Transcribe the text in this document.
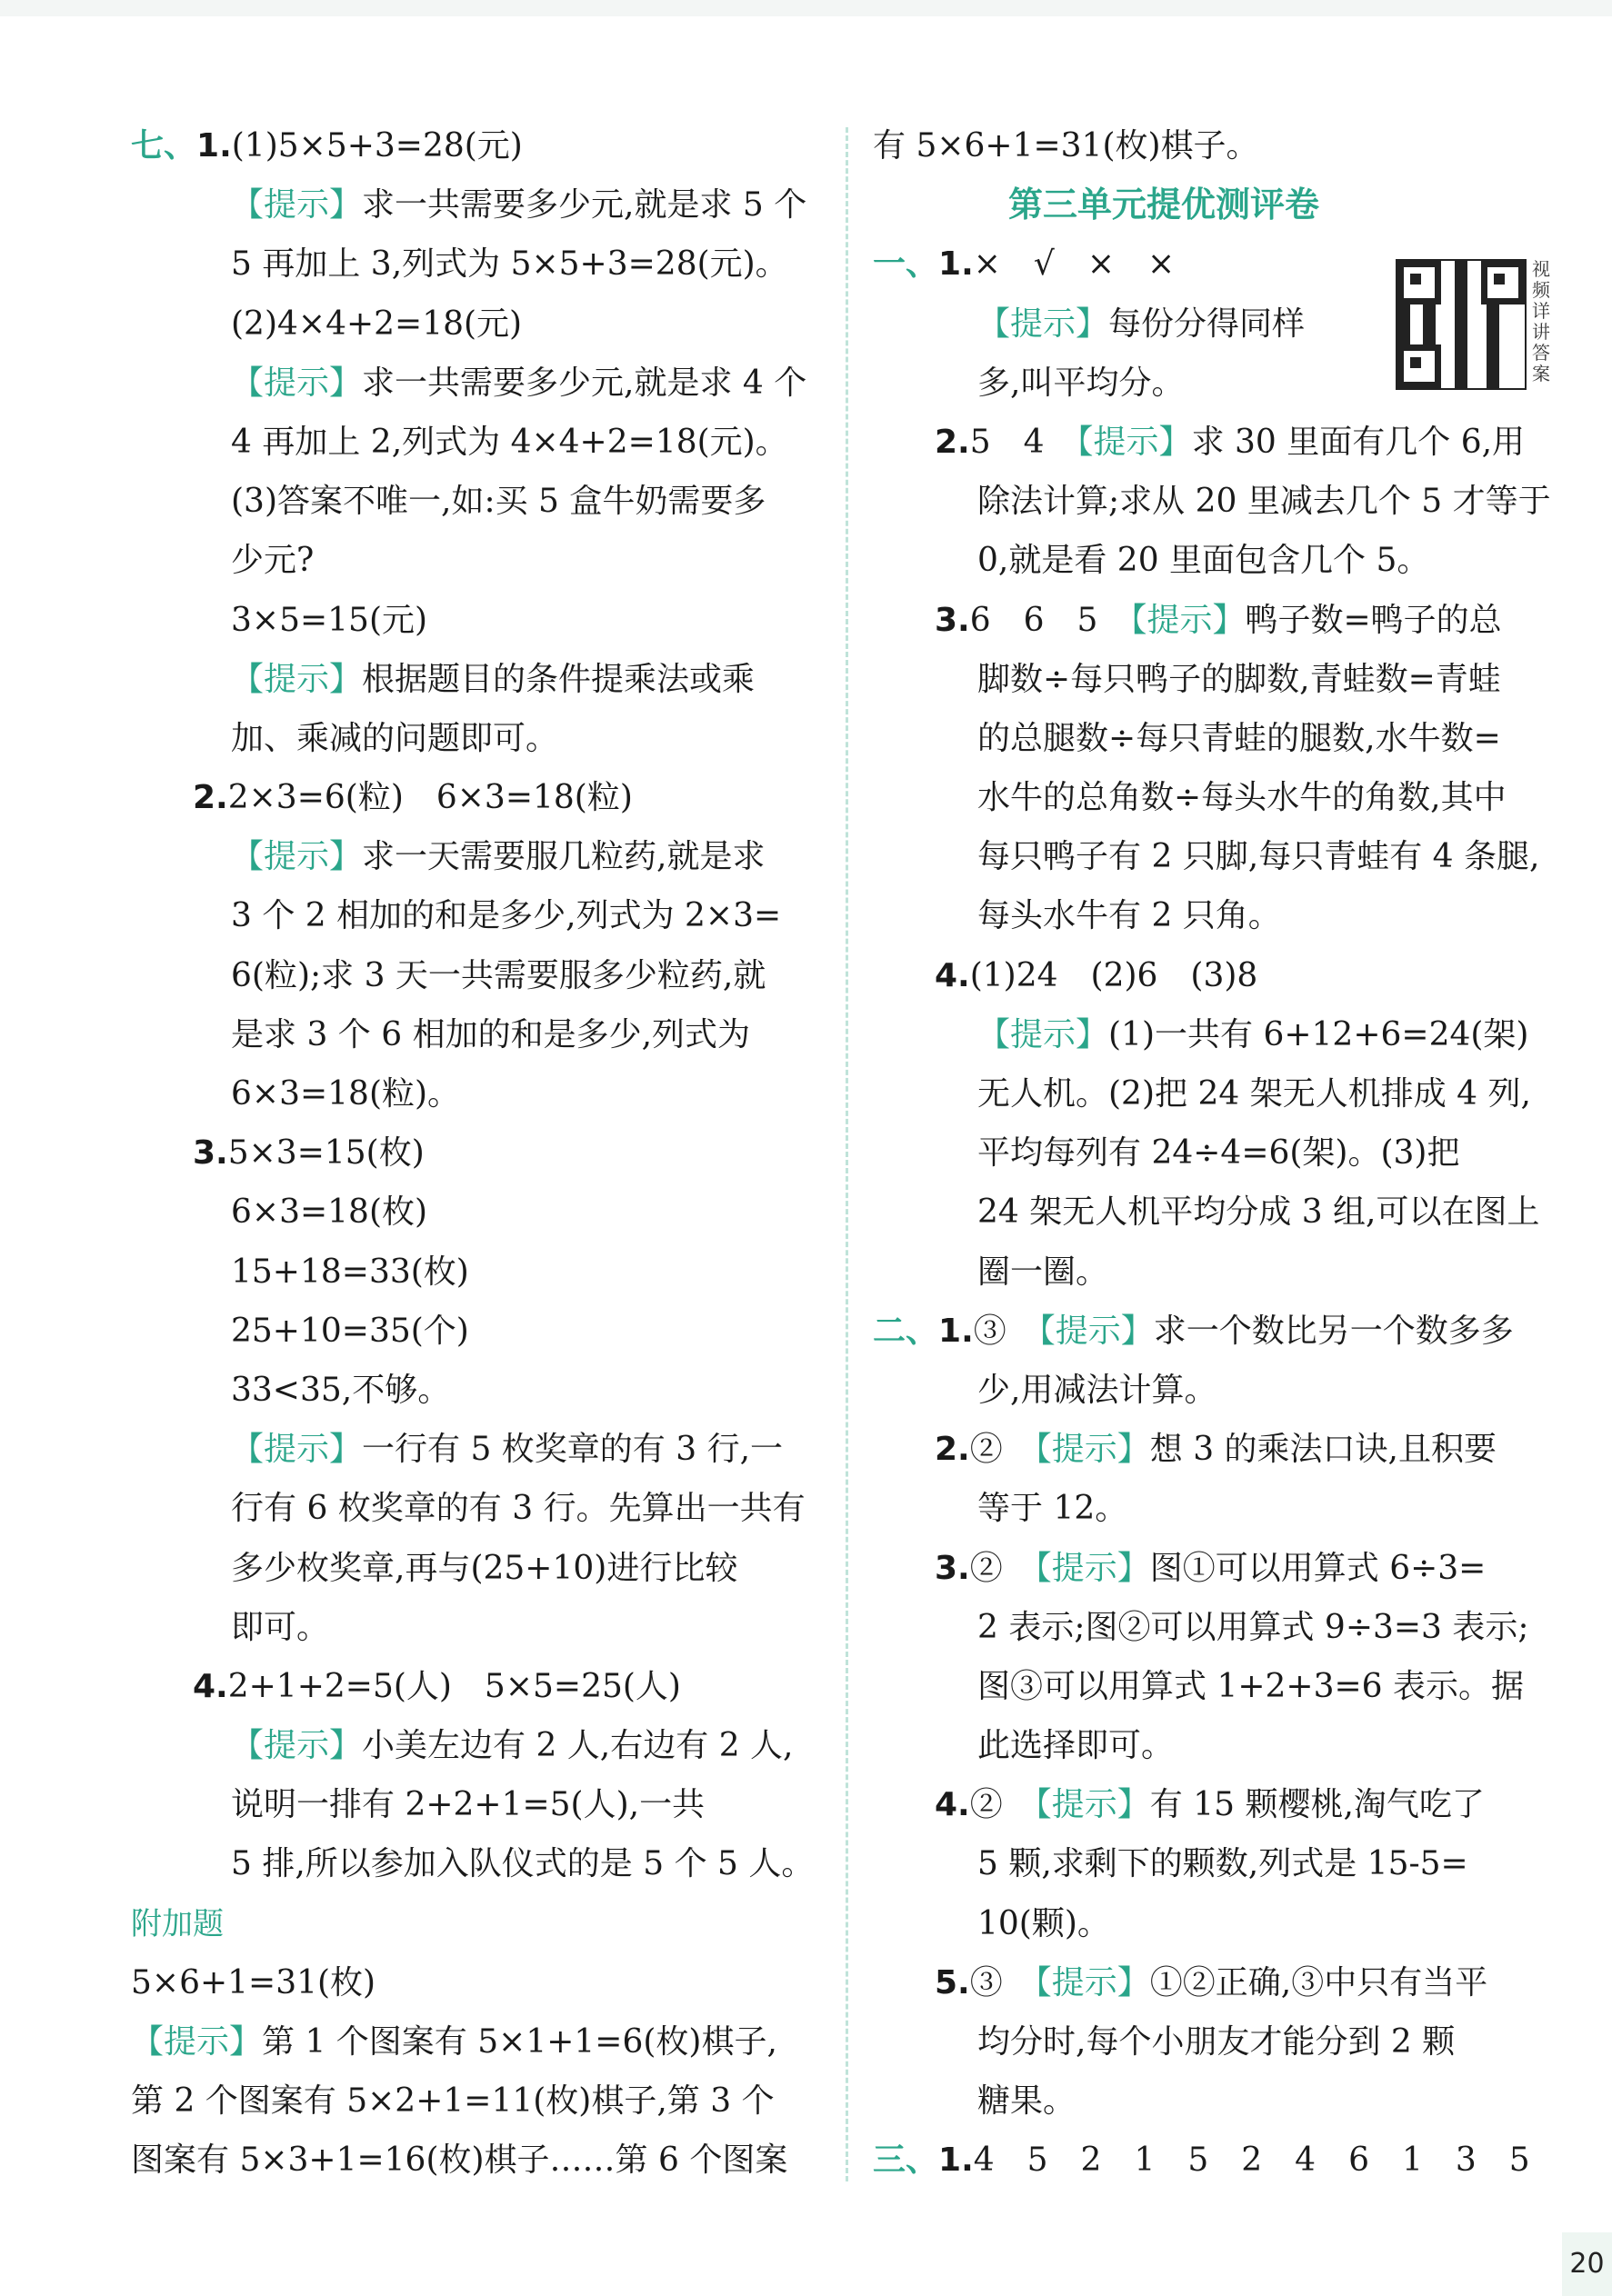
七、1.(1)5×5+3=28(元)
【提示】求一共需要多少元,就是求 5 个
5 再加上 3,列式为 5×5+3=28(元)。
(2)4×4+2=18(元)
【提示】求一共需要多少元,就是求 4 个
4 再加上 2,列式为 4×4+2=18(元)。
(3)答案不唯一,如:买 5 盒牛奶需要多
少元?
3×5=15(元)
【提示】根据题目的条件提乘法或乘
加、乘减的问题即可。
2.2×3=6(粒)　6×3=18(粒)
【提示】求一天需要服几粒药,就是求
3 个 2 相加的和是多少,列式为 2×3=
6(粒);求 3 天一共需要服多少粒药,就
是求 3 个 6 相加的和是多少,列式为
6×3=18(粒)。
3.5×3=15(枚)
6×3=18(枚)
15+18=33(枚)
25+10=35(个)
33<35,不够。
【提示】一行有 5 枚奖章的有 3 行,一
行有 6 枚奖章的有 3 行。先算出一共有
多少枚奖章,再与(25+10)进行比较
即可。
4.2+1+2=5(人)　5×5=25(人)
【提示】小美左边有 2 人,右边有 2 人,
说明一排有 2+2+1=5(人),一共
5 排,所以参加入队仪式的是 5 个 5 人。
附加题
5×6+1=31(枚)
【提示】第 1 个图案有 5×1+1=6(枚)棋子,
第 2 个图案有 5×2+1=11(枚)棋子,第 3 个
图案有 5×3+1=16(枚)棋子……第 6 个图案
有 5×6+1=31(枚)棋子。
第三单元提优测评卷
一、1.×　√　×　×
【提示】每份分得同样
多,叫平均分。
2.5　4　【提示】求 30 里面有几个 6,用
除法计算;求从 20 里减去几个 5 才等于
0,就是看 20 里面包含几个 5。
3.6　6　5　【提示】鸭子数=鸭子的总
脚数÷每只鸭子的脚数,青蛙数=青蛙
的总腿数÷每只青蛙的腿数,水牛数=
水牛的总角数÷每头水牛的角数,其中
每只鸭子有 2 只脚,每只青蛙有 4 条腿,
每头水牛有 2 只角。
4.(1)24　(2)6　(3)8
【提示】(1)一共有 6+12+6=24(架)
无人机。(2)把 24 架无人机排成 4 列,
平均每列有 24÷4=6(架)。(3)把
24 架无人机平均分成 3 组,可以在图上
圈一圈。
二、1.③　【提示】求一个数比另一个数多多
少,用减法计算。
2.②　【提示】想 3 的乘法口诀,且积要
等于 12。
3.②　【提示】图①可以用算式 6÷3=
2 表示;图②可以用算式 9÷3=3 表示;
图③可以用算式 1+2+3=6 表示。据
此选择即可。
4.②　【提示】有 15 颗樱桃,淘气吃了
5 颗,求剩下的颗数,列式是 15-5=
10(颗)。
5.③　【提示】①②正确,③中只有当平
均分时,每个小朋友才能分到 2 颗
糖果。
三、1.4　5　2　1　5　2　4　6　1　3　5
视频详讲答案
20
